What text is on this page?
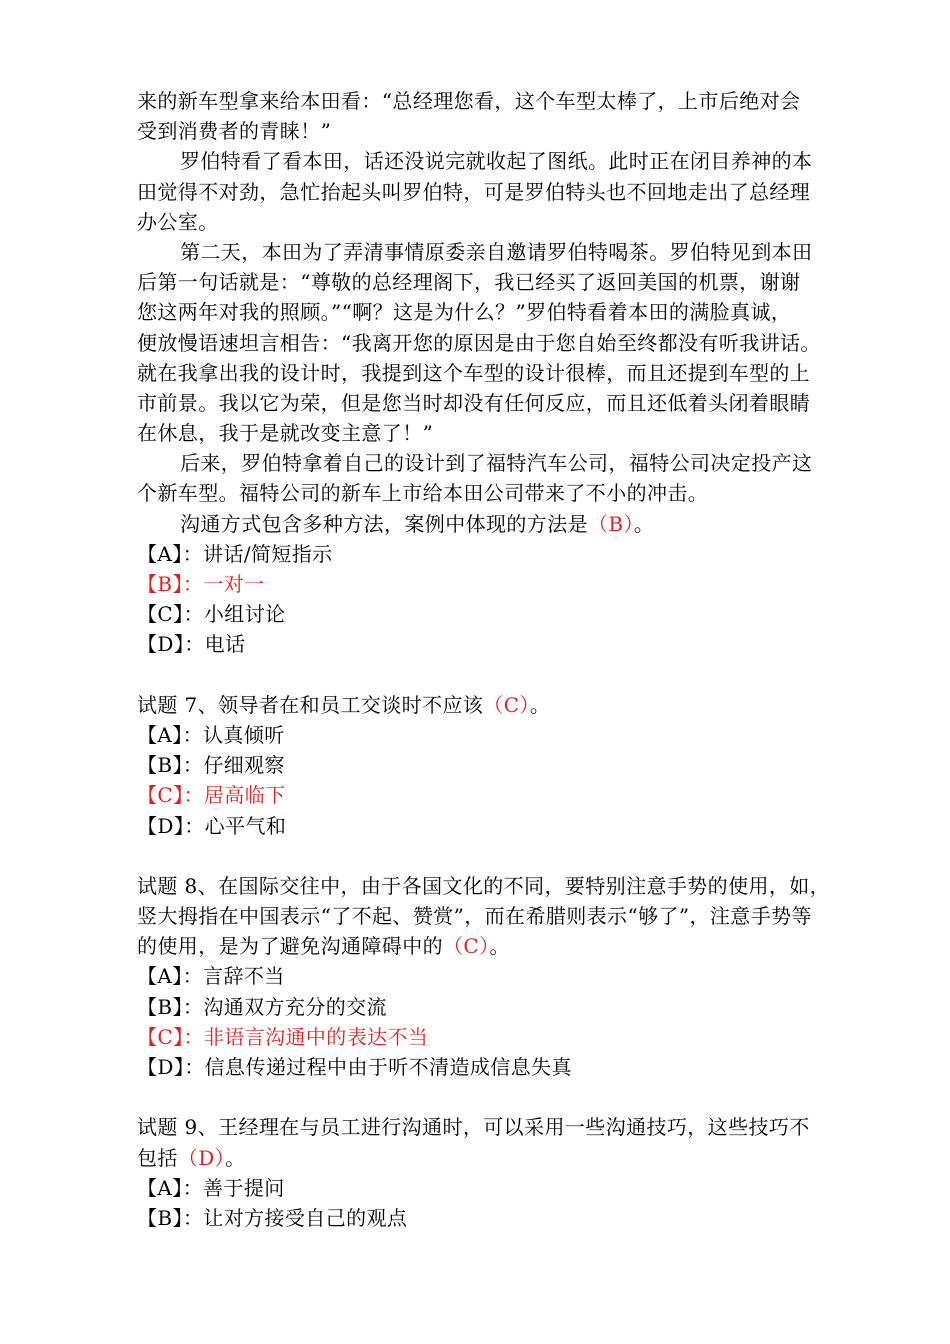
来的新车型拿来给本田看：“总经理您看，这个车型太棒了，上市后绝对会
受到消费者的青睐！”
罗伯特看了看本田，话还没说完就收起了图纸。此时正在闭目养神的本
田觉得不对劲，急忙抬起头叫罗伯特，可是罗伯特头也不回地走出了总经理
办公室。
第二天，本田为了弄清事情原委亲自邀请罗伯特喝茶。罗伯特见到本田
后第一句话就是：“尊敬的总经理阁下，我已经买了返回美国的机票，谢谢
您这两年对我的照顾。”“啊？这是为什么？”罗伯特看着本田的满脸真诚，
便放慢语速坦言相告：“我离开您的原因是由于您自始至终都没有听我讲话。
就在我拿出我的设计时，我提到这个车型的设计很棒，而且还提到车型的上
市前景。我以它为荣，但是您当时却没有任何反应，而且还低着头闭着眼睛
在休息，我于是就改变主意了！”
后来，罗伯特拿着自己的设计到了福特汽车公司，福特公司决定投产这
个新车型。福特公司的新车上市给本田公司带来了不小的冲击。
沟通方式包含多种方法，案例中体现的方法是（B）。
【A】：讲话/简短指示
【B】：一对一
【C】：小组讨论
【D】：电话
试题 7、领导者在和员工交谈时不应该（C）。
【A】：认真倾听
【B】：仔细观察
【C】：居高临下
【D】：心平气和
试题 8、在国际交往中，由于各国文化的不同，要特别注意手势的使用，如，
竖大拇指在中国表示“了不起、赞赏”，而在希腊则表示“够了”，注意手势等
的使用，是为了避免沟通障碍中的（C）。
【A】：言辞不当
【B】：沟通双方充分的交流
【C】：非语言沟通中的表达不当
【D】：信息传递过程中由于听不清造成信息失真
试题 9、王经理在与员工进行沟通时，可以采用一些沟通技巧，这些技巧不
包括（D）。
【A】：善于提问
【B】：让对方接受自己的观点
